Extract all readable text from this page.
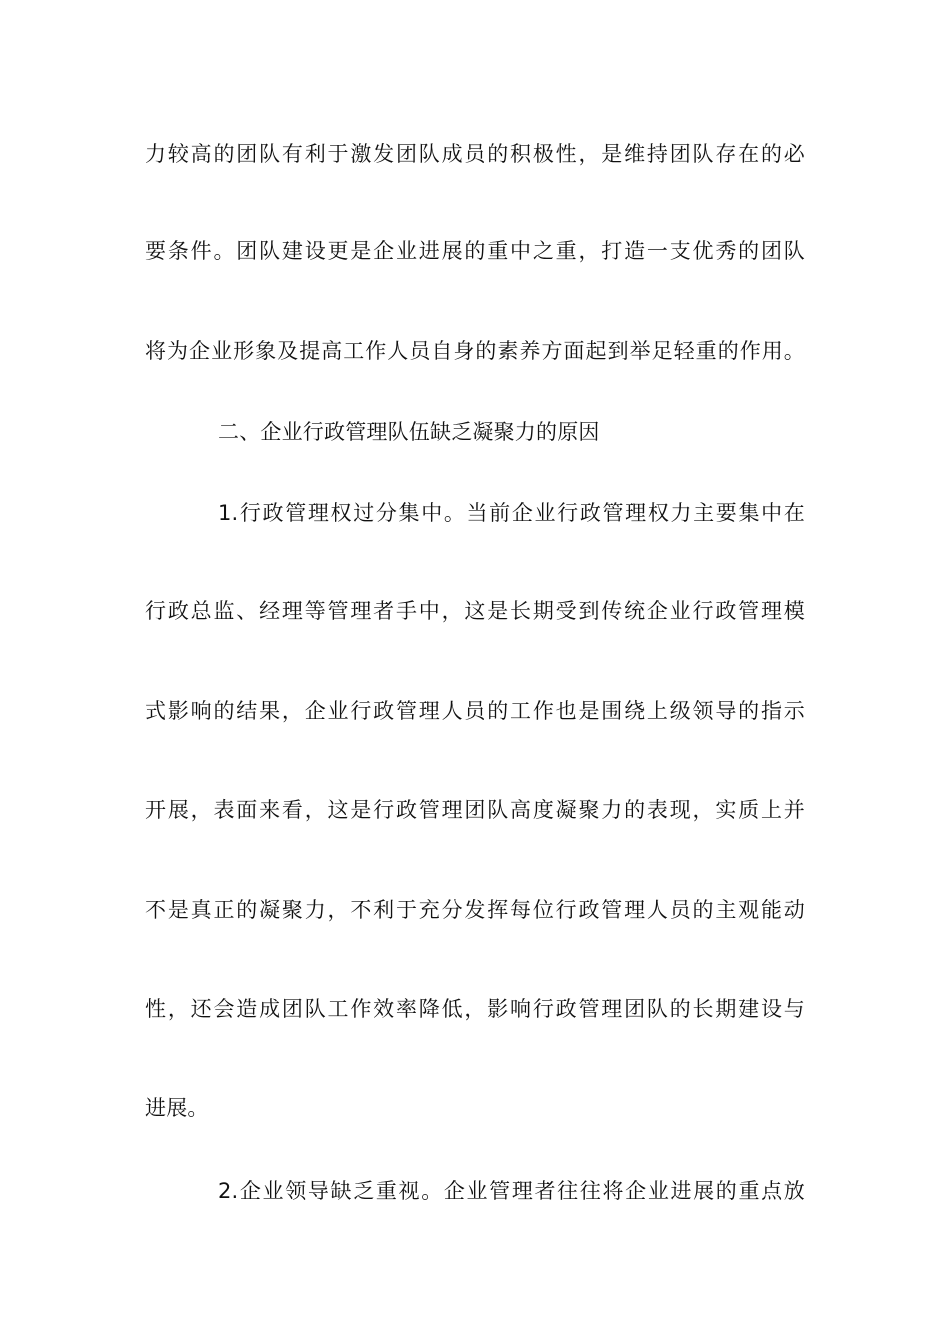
力较高的团队有利于激发团队成员的积极性，是维持团队存在的必
要条件。团队建设更是企业进展的重中之重，打造一支优秀的团队
将为企业形象及提高工作人员自身的素养方面起到举足轻重的作用。
二、企业行政管理队伍缺乏凝聚力的原因
1.行政管理权过分集中。当前企业行政管理权力主要集中在
行政总监、经理等管理者手中，这是长期受到传统企业行政管理模
式影响的结果，企业行政管理人员的工作也是围绕上级领导的指示
开展，表面来看，这是行政管理团队高度凝聚力的表现，实质上并
不是真正的凝聚力，不利于充分发挥每位行政管理人员的主观能动
性，还会造成团队工作效率降低，影响行政管理团队的长期建设与
进展。
2.企业领导缺乏重视。企业管理者往往将企业进展的重点放
